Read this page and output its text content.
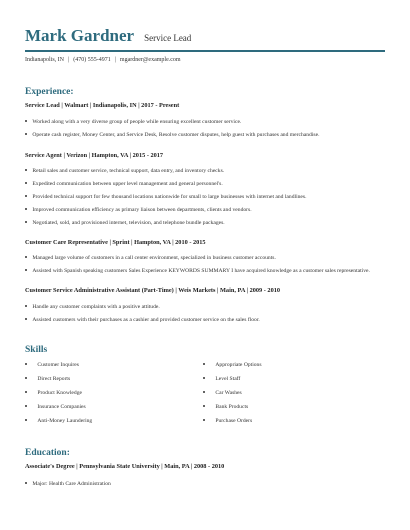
Mark Gardner Service Lead
Indianapolis, IN | (470) 555-4971 | mgardner@example.com
Experience:
Service Lead | Walmart | Indianapolis, IN | 2017 - Present
Worked along with a very diverse group of people while ensuring excellent customer service.
Operate cash register, Money Center, and Service Desk, Resolve customer disputes, help guest with purchases and merchandise.
Service Agent | Verizon | Hampton, VA | 2015 - 2017
Retail sales and customer service, technical support, data entry, and inventory checks.
Expedited communication between upper level management and general personnel's.
Provided technical support for few thousand locations nationwide for small to large businesses with internet and landlines.
Improved communication efficiency as primary liaison between departments, clients and vendors.
Negotiated, sold, and provisioned internet, television, and telephone bundle packages.
Customer Care Representative | Sprint | Hampton, VA | 2010 - 2015
Managed large volume of customers in a call center environment, specialized in business customer accounts.
Assisted with Spanish speaking customers Sales Experience KEYWORDS SUMMARY I have acquired knowledge as a customer sales representative.
Customer Service Administrative Assistant (Part-Time) | Weis Markets | Main, PA | 2009 - 2010
Handle any customer complaints with a positive attitude.
Assisted customers with their purchases as a cashier and provided customer service on the sales floor.
Skills
Customer Inquires
Direct Reports
Product Knowledge
Insurance Companies
Anti-Money Laundering
Appropriate Options
Level Staff
Car Washes
Bank Products
Purchase Orders
Education:
Associate's Degree | Pennsylvania State University | Main, PA | 2008 - 2010
Major: Health Care Administration
